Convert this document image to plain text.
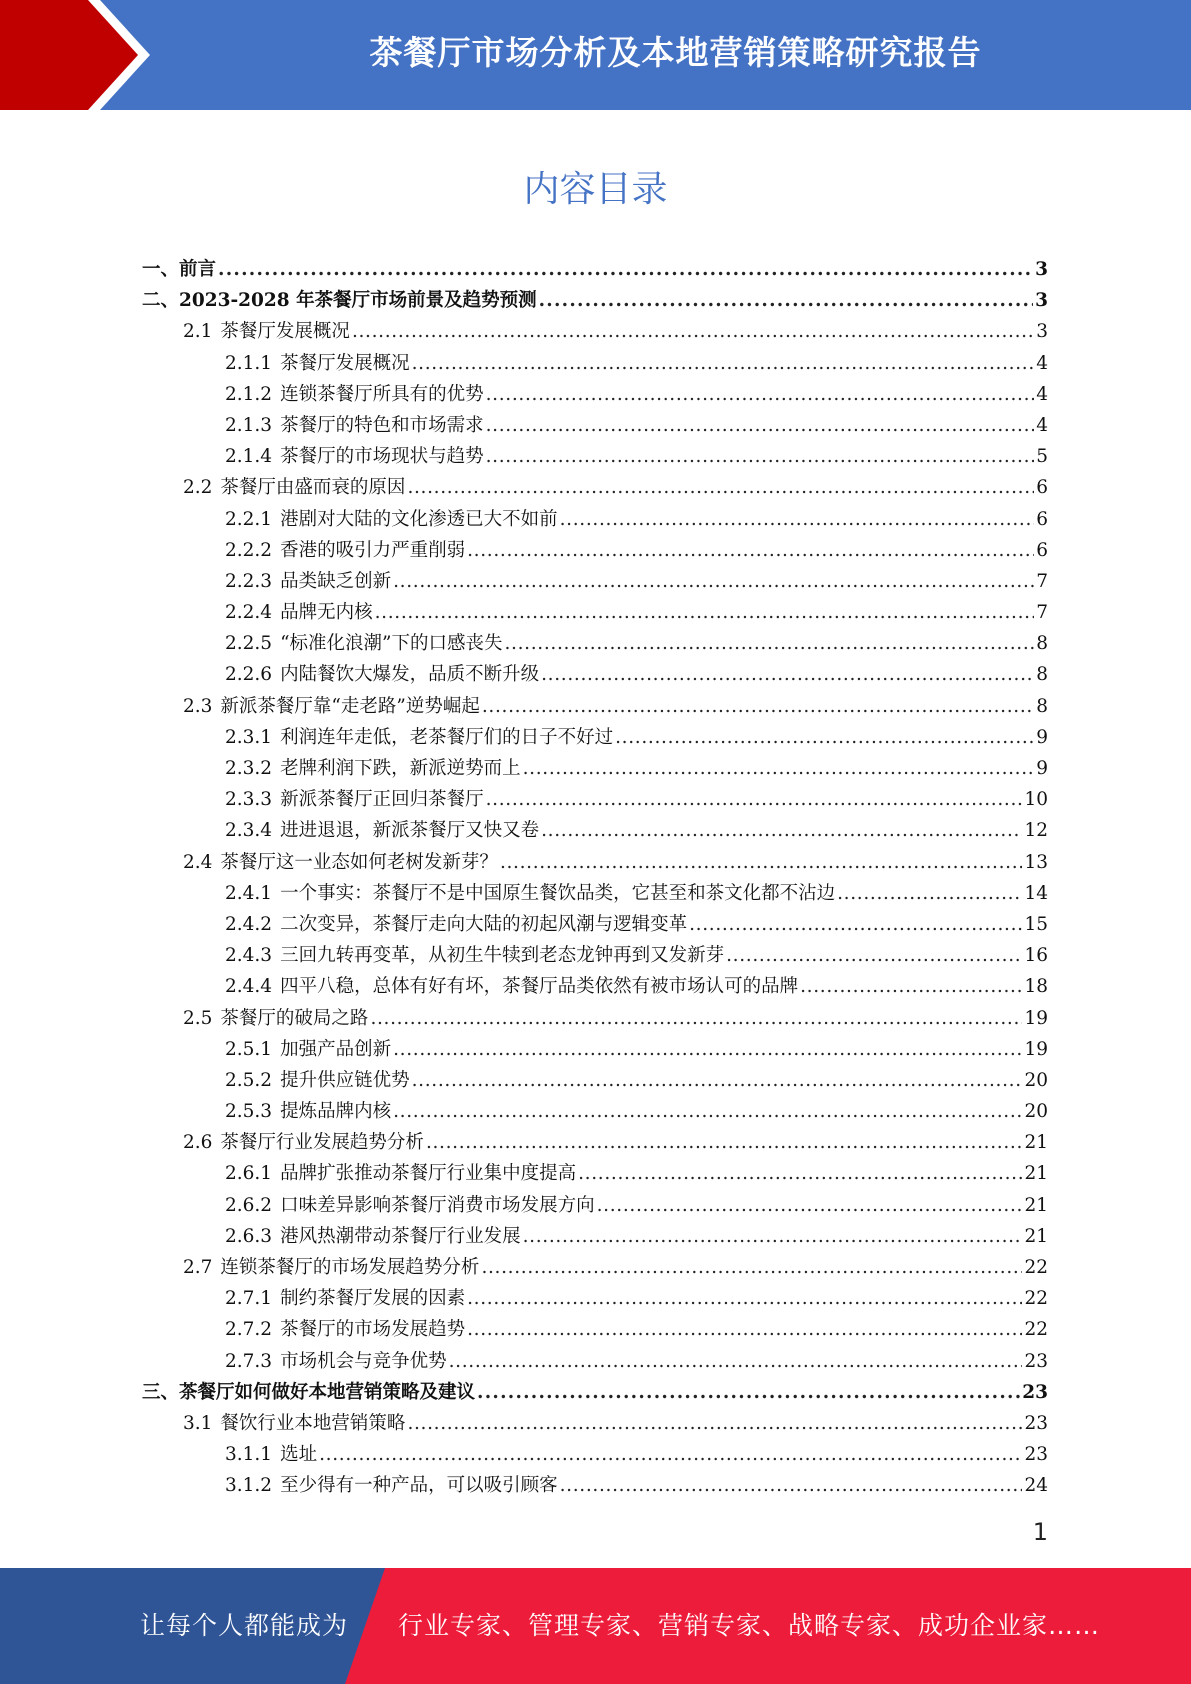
茶餐厅市场分析及本地营销策略研究报告
内容目录
一、前言 . . .	3
二、2023-2028 年茶餐厅市场前景及趋势预测 . . .	3
2.1 茶餐厅发展概况 . . .	3
2.1.1 茶餐厅发展概况 . . .	4
2.1.2 连锁茶餐厅所具有的优势 . . .	4
2.1.3 茶餐厅的特色和市场需求 . . .	4
2.1.4 茶餐厅的市场现状与趋势 . . .	5
2.2 茶餐厅由盛而衰的原因 . . .	6
2.2.1 港剧对大陆的文化渗透已大不如前 . . .	6
2.2.2 香港的吸引力严重削弱 . . .	6
2.2.3 品类缺乏创新 . . .	7
2.2.4 品牌无内核 . . .	7
2.2.5 “标准化浪潮”下的口感丧失 . . .	8
2.2.6 内陆餐饮大爆发，品质不断升级 . . .	8
2.3 新派茶餐厅靠“走老路”逆势崛起 . . .	8
2.3.1 利润连年走低，老茶餐厅们的日子不好过 . . .	9
2.3.2 老牌利润下跌，新派逆势而上 . . .	9
2.3.3 新派茶餐厅正回归茶餐厅 . . .	10
2.3.4 进进退退，新派茶餐厅又快又卷 . . .	12
2.4 茶餐厅这一业态如何老树发新芽？ . . .	13
2.4.1 一个事实：茶餐厅不是中国原生餐饮品类，它甚至和茶文化都不沾边 . . .	14
2.4.2 二次变异，茶餐厅走向大陆的初起风潮与逻辑变革 . . .	15
2.4.3 三回九转再变革，从初生牛犊到老态龙钟再到又发新芽 . . .	16
2.4.4 四平八稳，总体有好有坏，茶餐厅品类依然有被市场认可的品牌 . . .	18
2.5 茶餐厅的破局之路 . . .	19
2.5.1 加强产品创新 . . .	19
2.5.2 提升供应链优势 . . .	20
2.5.3 提炼品牌内核 . . .	20
2.6 茶餐厅行业发展趋势分析 . . .	21
2.6.1 品牌扩张推动茶餐厅行业集中度提高 . . .	21
2.6.2 口味差异影响茶餐厅消费市场发展方向 . . .	21
2.6.3 港风热潮带动茶餐厅行业发展 . . .	21
2.7 连锁茶餐厅的市场发展趋势分析 . . .	22
2.7.1 制约茶餐厅发展的因素 . . .	22
2.7.2 茶餐厅的市场发展趋势 . . .	22
2.7.3 市场机会与竞争优势 . . .	23
三、茶餐厅如何做好本地营销策略及建议 . . .	23
3.1 餐饮行业本地营销策略 . . .	23
3.1.1 选址 . . .	23
3.1.2 至少得有一种产品，可以吸引顾客 . . .	24
1
让每个人都能成为 行业专家、管理专家、营销专家、战略专家、成功企业家……
